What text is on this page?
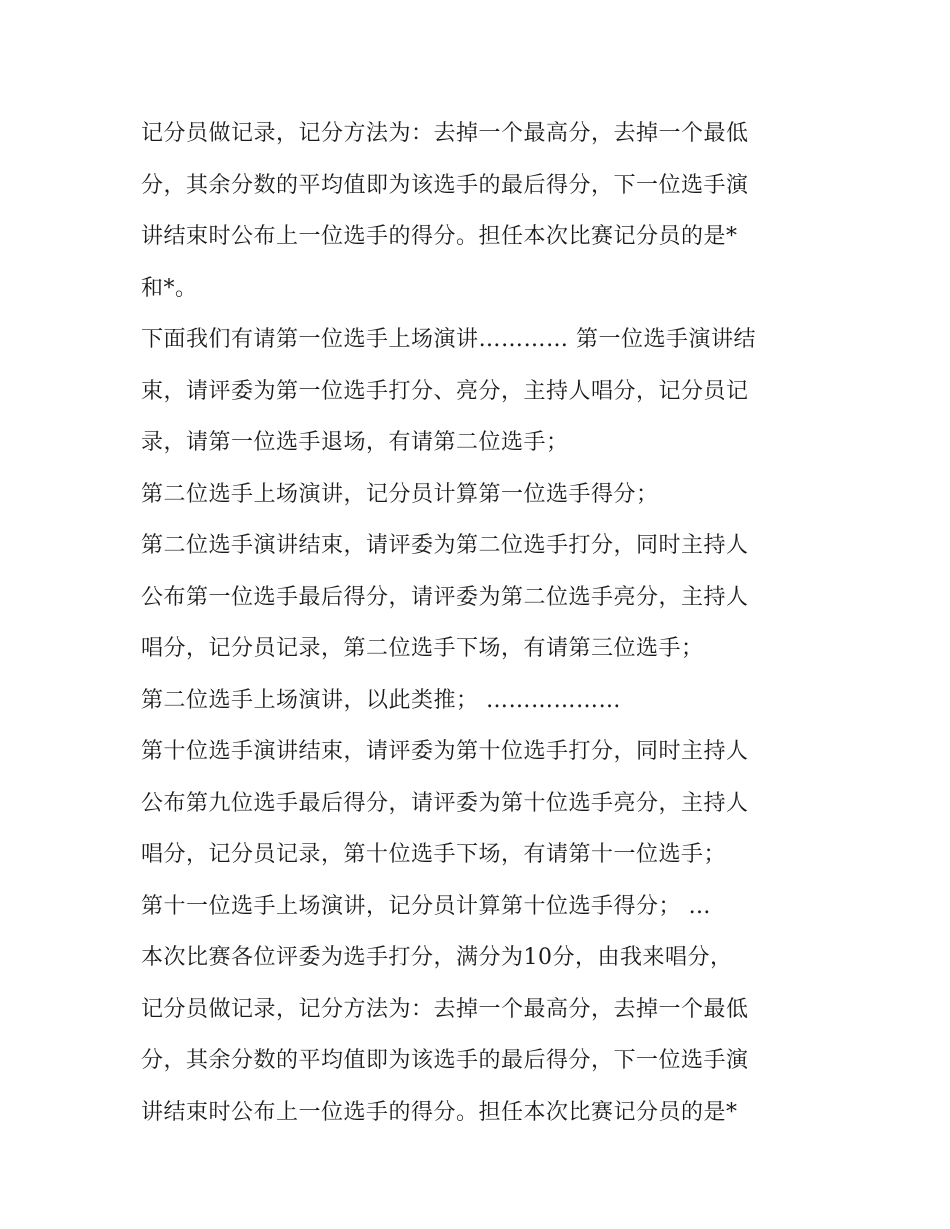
记分员做记录，记分方法为：去掉一个最高分，去掉一个最低
分，其余分数的平均值即为该选手的最后得分，下一位选手演
讲结束时公布上一位选手的得分。担任本次比赛记分员的是*
和*。
下面我们有请第一位选手上场演讲………… 第一位选手演讲结
束，请评委为第一位选手打分、亮分，主持人唱分，记分员记
录，请第一位选手退场，有请第二位选手；
第二位选手上场演讲，记分员计算第一位选手得分；
第二位选手演讲结束，请评委为第二位选手打分，同时主持人
公布第一位选手最后得分，请评委为第二位选手亮分，主持人
唱分，记分员记录，第二位选手下场，有请第三位选手；
第二位选手上场演讲，以此类推； ………………
第十位选手演讲结束，请评委为第十位选手打分，同时主持人
公布第九位选手最后得分，请评委为第十位选手亮分，主持人
唱分，记分员记录，第十位选手下场，有请第十一位选手；
第十一位选手上场演讲，记分员计算第十位选手得分； …
本次比赛各位评委为选手打分，满分为10分，由我来唱分，
记分员做记录，记分方法为：去掉一个最高分，去掉一个最低
分，其余分数的平均值即为该选手的最后得分，下一位选手演
讲结束时公布上一位选手的得分。担任本次比赛记分员的是*
